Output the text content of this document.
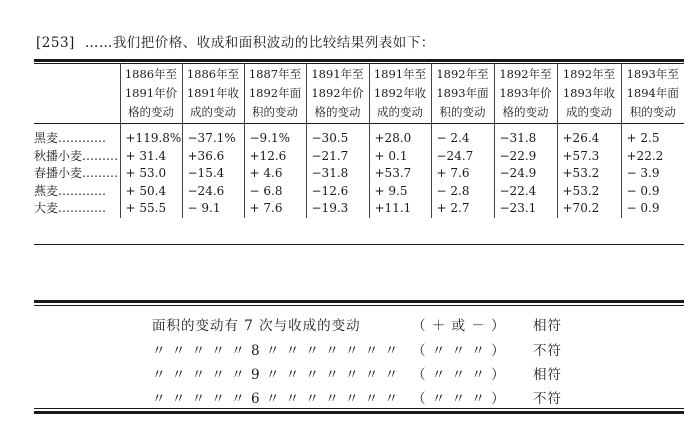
[253] ……我们把价格、收成和面积波动的比较结果列表如下：
	1886年至
1891年价
格的变动	1886年至
1891年收
成的变动	1887年至
1892年面
积的变动	1891年至
1892年价
格的变动	1891年至
1892年收
成的变动	1892年至
1893年面
积的变动	1892年至
1893年价
格的变动	1892年至
1893年收
成的变动	1893年至
1894年面
积的变动
黑麦…………	+119.8%	−37.1%	−9.1%	−30.5	+28.0	− 2.4	−31.8	+26.4	+ 2.5
秋播小麦………	+ 31.4	+36.6	+12.6	−21.7	+ 0.1	−24.7	−22.9	+57.3	+22.2
春播小麦………	+ 53.0	−15.4	+ 4.6	−31.8	+53.7	+ 7.6	−24.9	+53.2	− 3.9
燕麦…………	+ 50.4	−24.6	− 6.8	−12.6	+ 9.5	− 2.8	−22.4	+53.2	− 0.9
大麦…………	+ 55.5	− 9.1	+ 7.6	−19.3	+11.1	+ 2.7	−23.1	+70.2	− 0.9
面积的变动有 7 次与收成的变动	（ ＋ 或 － ） 相符
〃 〃 〃 〃 〃 8 〃 〃 〃 〃 〃 〃 〃 （ 〃 〃 〃 ） 不符
〃 〃 〃 〃 〃 9 〃 〃 〃 〃 〃 〃 〃 （ 〃 〃 〃 ） 相符
〃 〃 〃 〃 〃 6 〃 〃 〃 〃 〃 〃 〃 （ 〃 〃 〃 ） 不符
